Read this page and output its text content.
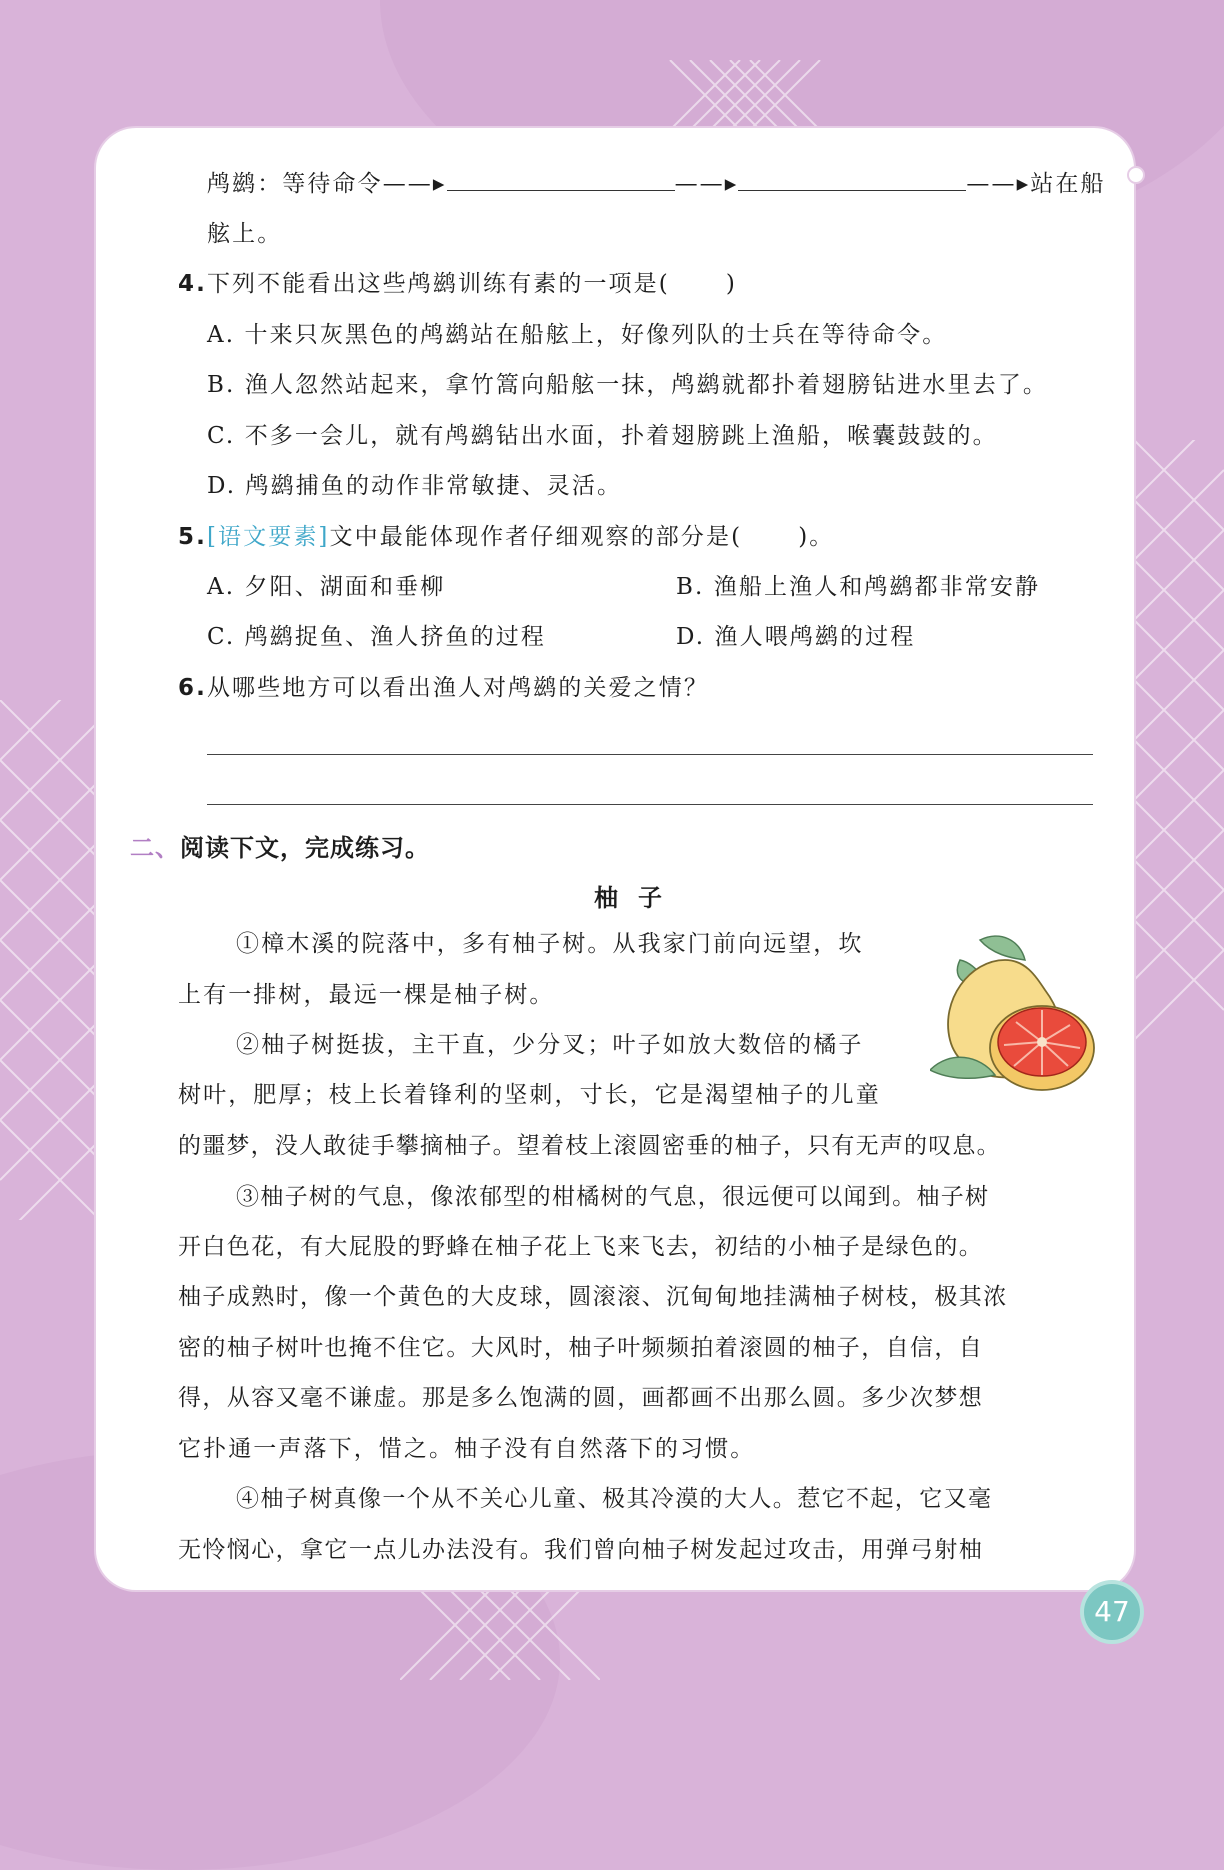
鸬鹚：等待命令——▸	——▸	——▸站在船
舷上。
4.下列不能看出这些鸬鹚训练有素的一项是( )
A. 十来只灰黑色的鸬鹚站在船舷上，好像列队的士兵在等待命令。
B. 渔人忽然站起来，拿竹篙向船舷一抹，鸬鹚就都扑着翅膀钻进水里去了。
C. 不多一会儿，就有鸬鹚钻出水面，扑着翅膀跳上渔船，喉囊鼓鼓的。
D. 鸬鹚捕鱼的动作非常敏捷、灵活。
5.[语文要素]文中最能体现作者仔细观察的部分是( )。
A. 夕阳、湖面和垂柳	B. 渔船上渔人和鸬鹚都非常安静
C. 鸬鹚捉鱼、渔人挤鱼的过程	D. 渔人喂鸬鹚的过程
6.从哪些地方可以看出渔人对鸬鹚的关爱之情？
二、阅读下文，完成练习。
柚子
①樟木溪的院落中，多有柚子树。从我家门前向远望，坎
上有一排树，最远一棵是柚子树。
②柚子树挺拔，主干直，少分叉；叶子如放大数倍的橘子
树叶，肥厚；枝上长着锋利的坚刺，寸长，它是渴望柚子的儿童
的噩梦，没人敢徒手攀摘柚子。望着枝上滚圆密垂的柚子，只有无声的叹息。
③柚子树的气息，像浓郁型的柑橘树的气息，很远便可以闻到。柚子树
开白色花，有大屁股的野蜂在柚子花上飞来飞去，初结的小柚子是绿色的。
柚子成熟时，像一个黄色的大皮球，圆滚滚、沉甸甸地挂满柚子树枝，极其浓
密的柚子树叶也掩不住它。大风时，柚子叶频频拍着滚圆的柚子，自信，自
得，从容又毫不谦虚。那是多么饱满的圆，画都画不出那么圆。多少次梦想
它扑通一声落下，惜之。柚子没有自然落下的习惯。
④柚子树真像一个从不关心儿童、极其冷漠的大人。惹它不起，它又毫
无怜悯心，拿它一点儿办法没有。我们曾向柚子树发起过攻击，用弹弓射柚
47
